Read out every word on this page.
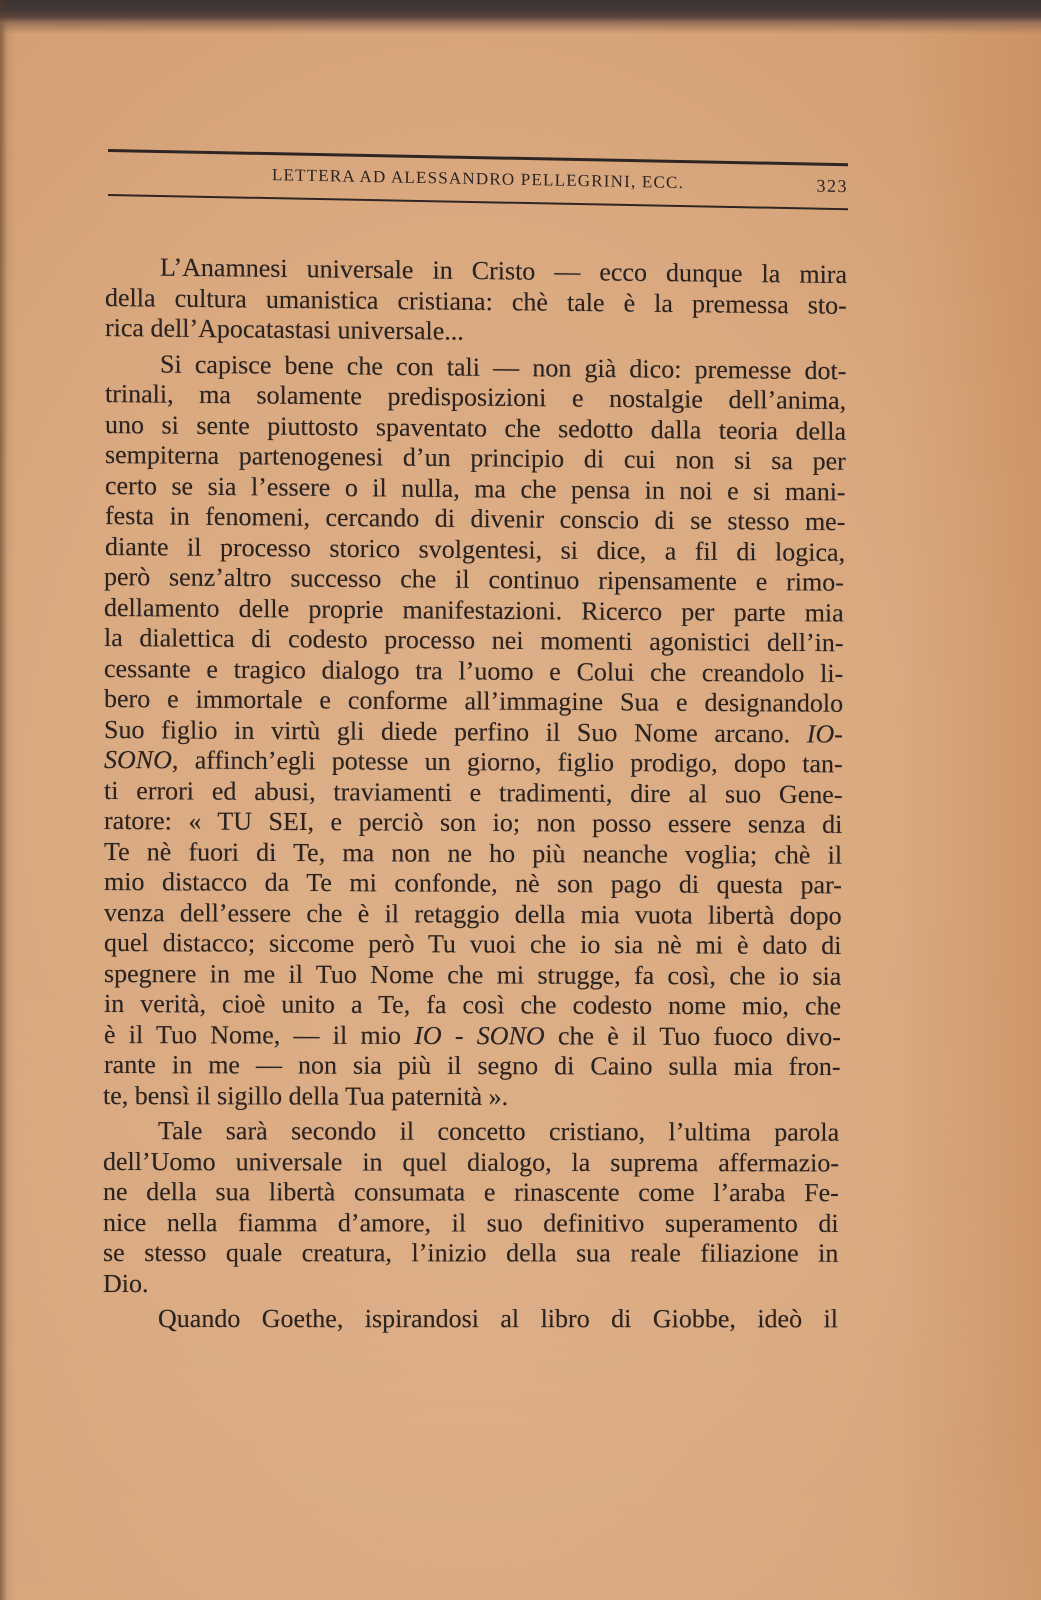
LETTERA AD ALESSANDRO PELLEGRINI, ECC.	323
L’Anamnesi universale in Cristo — ecco dunque la mira
della cultura umanistica cristiana: chè tale è la premessa sto-
rica dell’Apocatastasi universale...
Si capisce bene che con tali — non già dico: premesse dot-
trinali, ma solamente predisposizioni e nostalgie dell’anima,
uno si sente piuttosto spaventato che sedotto dalla teoria della
sempiterna partenogenesi d’un principio di cui non si sa per
certo se sia l’essere o il nulla, ma che pensa in noi e si mani-
festa in fenomeni, cercando di divenir conscio di se stesso me-
diante il processo storico svolgentesi, si dice, a fil di logica,
però senz’altro successo che il continuo ripensamente e rimo-
dellamento delle proprie manifestazioni. Ricerco per parte mia
la dialettica di codesto processo nei momenti agonistici dell’in-
cessante e tragico dialogo tra l’uomo e Colui che creandolo li-
bero e immortale e conforme all’immagine Sua e designandolo
Suo figlio in virtù gli diede perfino il Suo Nome arcano. IO-
SONO, affinch’egli potesse un giorno, figlio prodigo, dopo tan-
ti errori ed abusi, traviamenti e tradimenti, dire al suo Gene-
ratore: « TU SEI, e perciò son io; non posso essere senza di
Te nè fuori di Te, ma non ne ho più neanche voglia; chè il
mio distacco da Te mi confonde, nè son pago di questa par-
venza dell’essere che è il retaggio della mia vuota libertà dopo
quel distacco; siccome però Tu vuoi che io sia nè mi è dato di
spegnere in me il Tuo Nome che mi strugge, fa così, che io sia
in verità, cioè unito a Te, fa così che codesto nome mio, che
è il Tuo Nome, — il mio IO - SONO che è il Tuo fuoco divo-
rante in me — non sia più il segno di Caino sulla mia fron-
te, bensì il sigillo della Tua paternità ».
Tale sarà secondo il concetto cristiano, l’ultima parola
dell’Uomo universale in quel dialogo, la suprema affermazio-
ne della sua libertà consumata e rinascente come l’araba Fe-
nice nella fiamma d’amore, il suo definitivo superamento di
se stesso quale creatura, l’inizio della sua reale filiazione in
Dio.
Quando Goethe, ispirandosi al libro di Giobbe, ideò il
